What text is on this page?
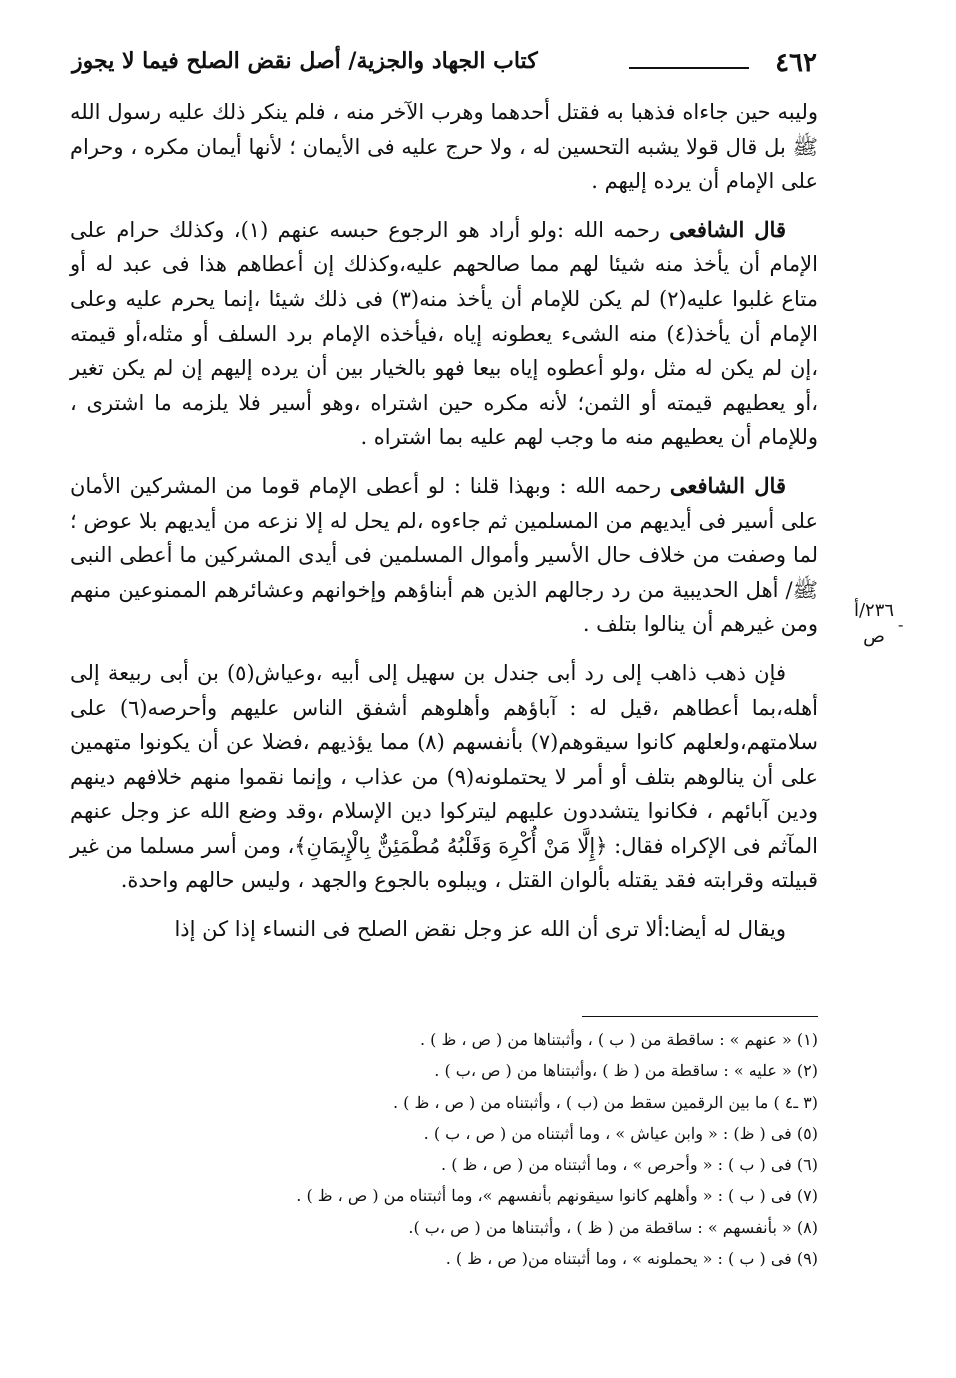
٤٦٢
كتاب الجهاد والجزية/ أصل نقض الصلح فيما لا يجوز

وليبه حين جاءاه فذهبا به فقتل أحدهما وهرب الآخر منه ، فلم ينكر ذلك عليه رسول الله ﷺ بل قال قولا يشبه التحسين له ، ولا حرج عليه فى الأيمان ؛ لأنها أيمان مكره ، وحرام على الإمام أن يرده إليهم .

قال الشافعى رحمه الله :ولو أراد هو الرجوع حبسه عنهم (١)، وكذلك حرام على الإمام أن يأخذ منه شيئا لهم مما صالحهم عليه،وكذلك إن أعطاهم هذا فى عبد له أو متاع غلبوا عليه(٢) لم يكن للإمام أن يأخذ منه(٣) فى ذلك شيئا ،إنما يحرم عليه وعلى الإمام أن يأخذ(٤) منه الشىء يعطونه إياه ،فيأخذه الإمام برد السلف أو مثله،أو قيمته ،إن لم يكن له مثل ،ولو أعطوه إياه بيعا فهو بالخيار بين أن يرده إليهم إن لم يكن تغير ،أو يعطيهم قيمته أو الثمن؛ لأنه مكره حين اشتراه ،وهو أسير فلا يلزمه ما اشترى ، وللإمام أن يعطيهم منه ما وجب لهم عليه بما اشتراه .

قال الشافعى رحمه الله : وبهذا قلنا : لو أعطى الإمام قوما من المشركين الأمان على أسير فى أيديهم من المسلمين ثم جاءوه ،لم يحل له إلا نزعه من أيديهم بلا عوض ؛ لما وصفت من خلاف حال الأسير وأموال المسلمين فى أيدى المشركين ما أعطى النبى ﷺ/ أهل الحديبية من رد رجالهم الذين هم أبناؤهم وإخوانهم وعشائرهم الممنوعين منهم ومن غيرهم أن ينالوا بتلف .

فإن ذهب ذاهب إلى رد أبى جندل بن سهيل إلى أبيه ،وعياش(٥) بن أبى ربيعة إلى أهله،بما أعطاهم ،قيل له : آباؤهم وأهلوهم أشفق الناس عليهم وأحرصه(٦) على سلامتهم،ولعلهم كانوا سيقوهم(٧) بأنفسهم (٨) مما يؤذيهم ،فضلا عن أن يكونوا متهمين على أن ينالوهم بتلف أو أمر لا يحتملونه(٩) من عذاب ، وإنما نقموا منهم خلافهم دينهم ودين آبائهم ، فكانوا يتشددون عليهم ليتركوا دين الإسلام ،وقد وضع الله عز وجل عنهم المآثم فى الإكراه فقال: ﴿إِلَّا مَنْ أُكْرِهَ وَقَلْبُهُ مُطْمَئِنٌّ بِالْإِيمَانِ﴾، ومن أسر مسلما من غير قبيلته وقرابته فقد يقتله بألوان القتل ، ويبلوه بالجوع والجهد ، وليس حالهم واحدة.

ويقال له أيضا:ألا ترى أن الله عز وجل نقض الصلح فى النساء إذا كن إذا

٢٣٦/أ
ص
-
(١) « عنهم » : ساقطة من ( ب ) ، وأثبتناها من ( ص ، ظ ) .
(٢) « عليه » : ساقطة من ( ظ ) ،وأثبتناها من ( ص ،ب ) .
(٣ ـ٤ ) ما بين الرقمين سقط من (ب ) ، وأثبتناه من ( ص ، ظ ) .
(٥) فى ( ظ) : « وابن عياش » ، وما أثبتناه من ( ص ، ب ) .
(٦) فى ( ب ) : « وأحرص » ، وما أثبتناه من ( ص ، ظ ) .
(٧) فى ( ب ) : « وأهلهم كانوا سيقونهم بأنفسهم »، وما أثبتناه من ( ص ، ظ ) .
(٨) « بأنفسهم » : ساقطة من ( ظ ) ، وأثبتناها من ( ص ،ب ).
(٩) فى ( ب ) : « يحملونه » ، وما أثبتناه من( ص ، ظ ) .
